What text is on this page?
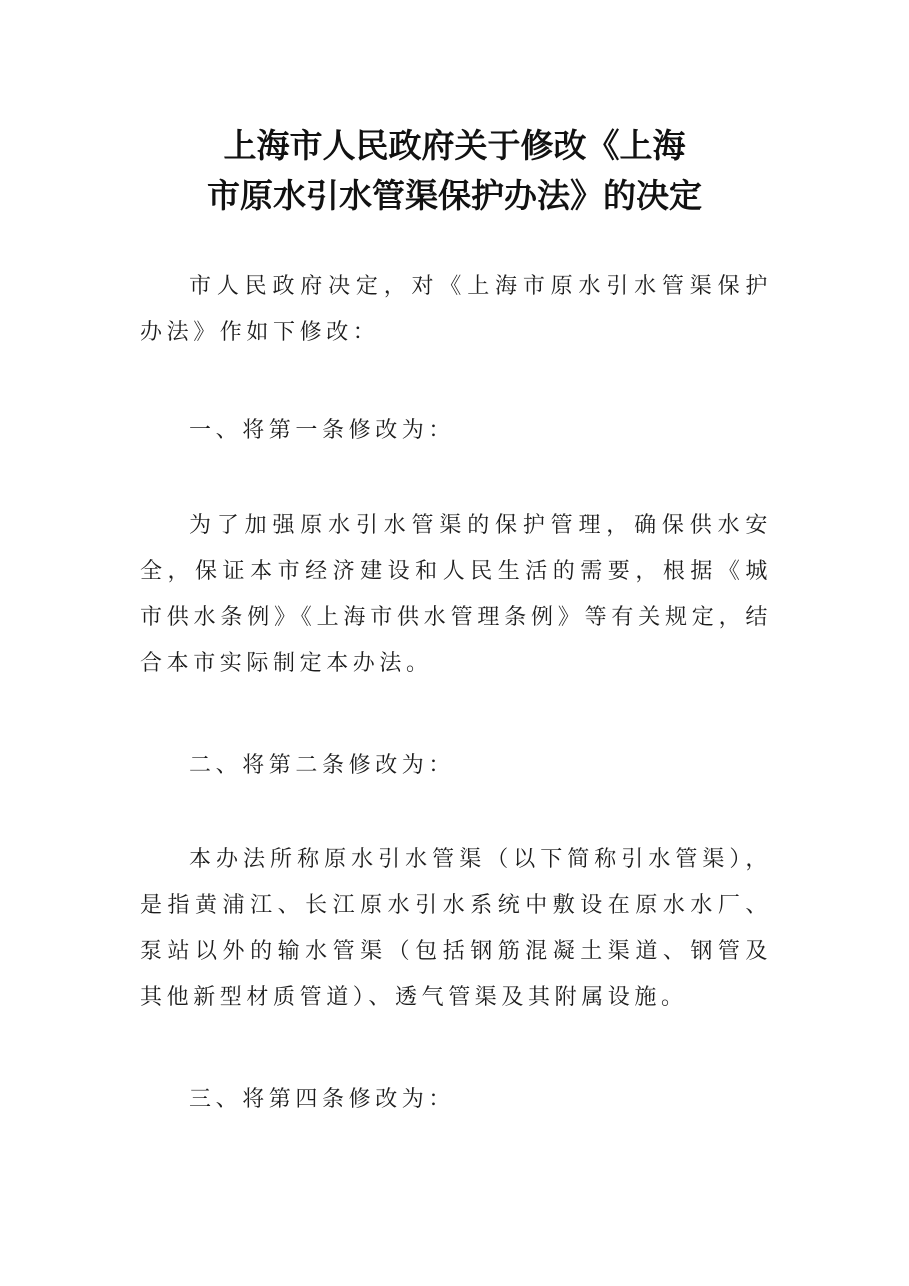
上海市人民政府关于修改《上海
市原水引水管渠保护办法》的决定

市人民政府决定，对《上海市原水引水管渠保护办法》作如下修改：

一、将第一条修改为：

为了加强原水引水管渠的保护管理，确保供水安全，保证本市经济建设和人民生活的需要，根据《城市供水条例》《上海市供水管理条例》等有关规定，结合本市实际制定本办法。

二、将第二条修改为：

本办法所称原水引水管渠（以下简称引水管渠），是指黄浦江、长江原水引水系统中敷设在原水水厂、泵站以外的输水管渠（包括钢筋混凝土渠道、钢管及其他新型材质管道）、透气管渠及其附属设施。

三、将第四条修改为：
